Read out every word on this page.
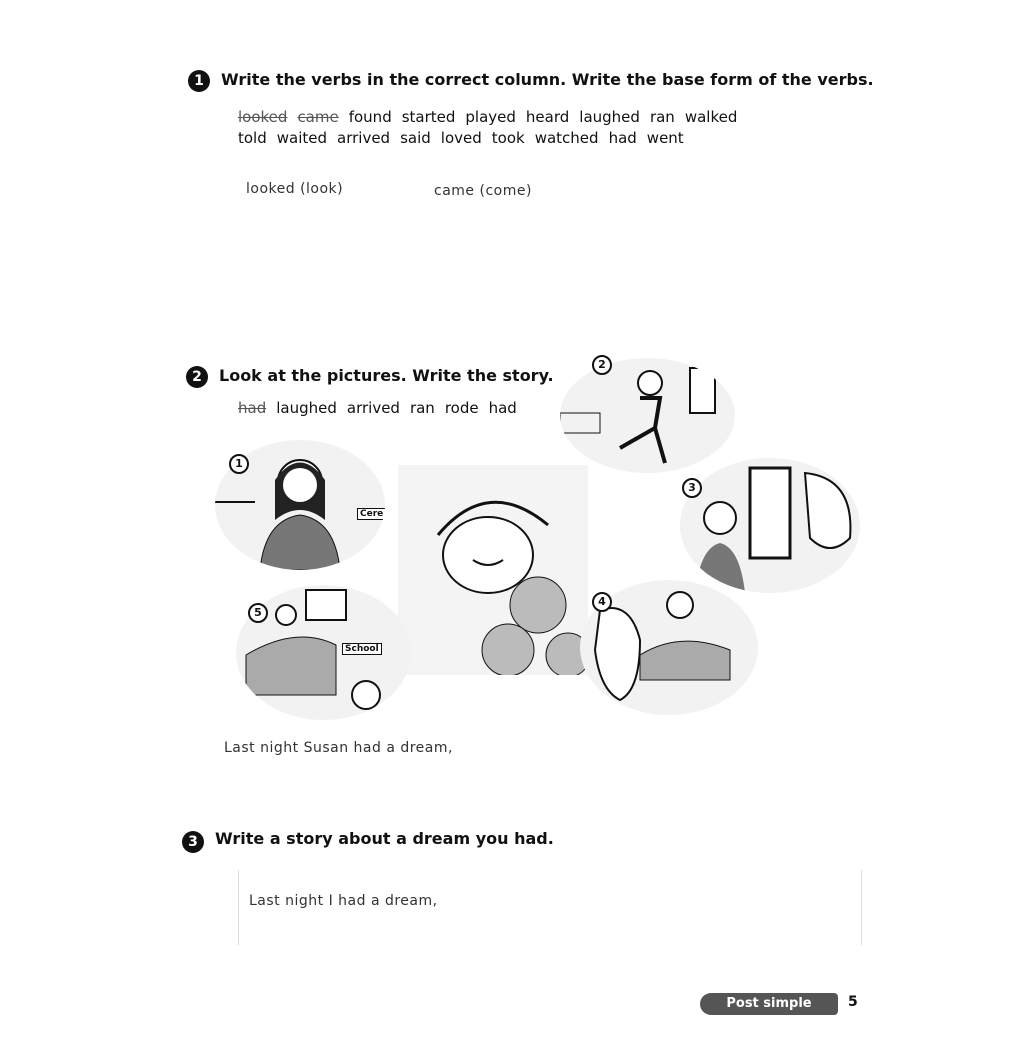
1	Write the verbs in the correct column. Write the base form of the verbs.
looked came found started played heard laughed ran walked
told waited arrived said loved took watched had went
looked (look)	came (come)
2	Look at the pictures. Write the story.
had laughed arrived ran rode had
Cere
1
2
3
4
School
5
Last night Susan had a dream,
3	Write a story about a dream you had.
Last night I had a dream,
Post simple revision
5
